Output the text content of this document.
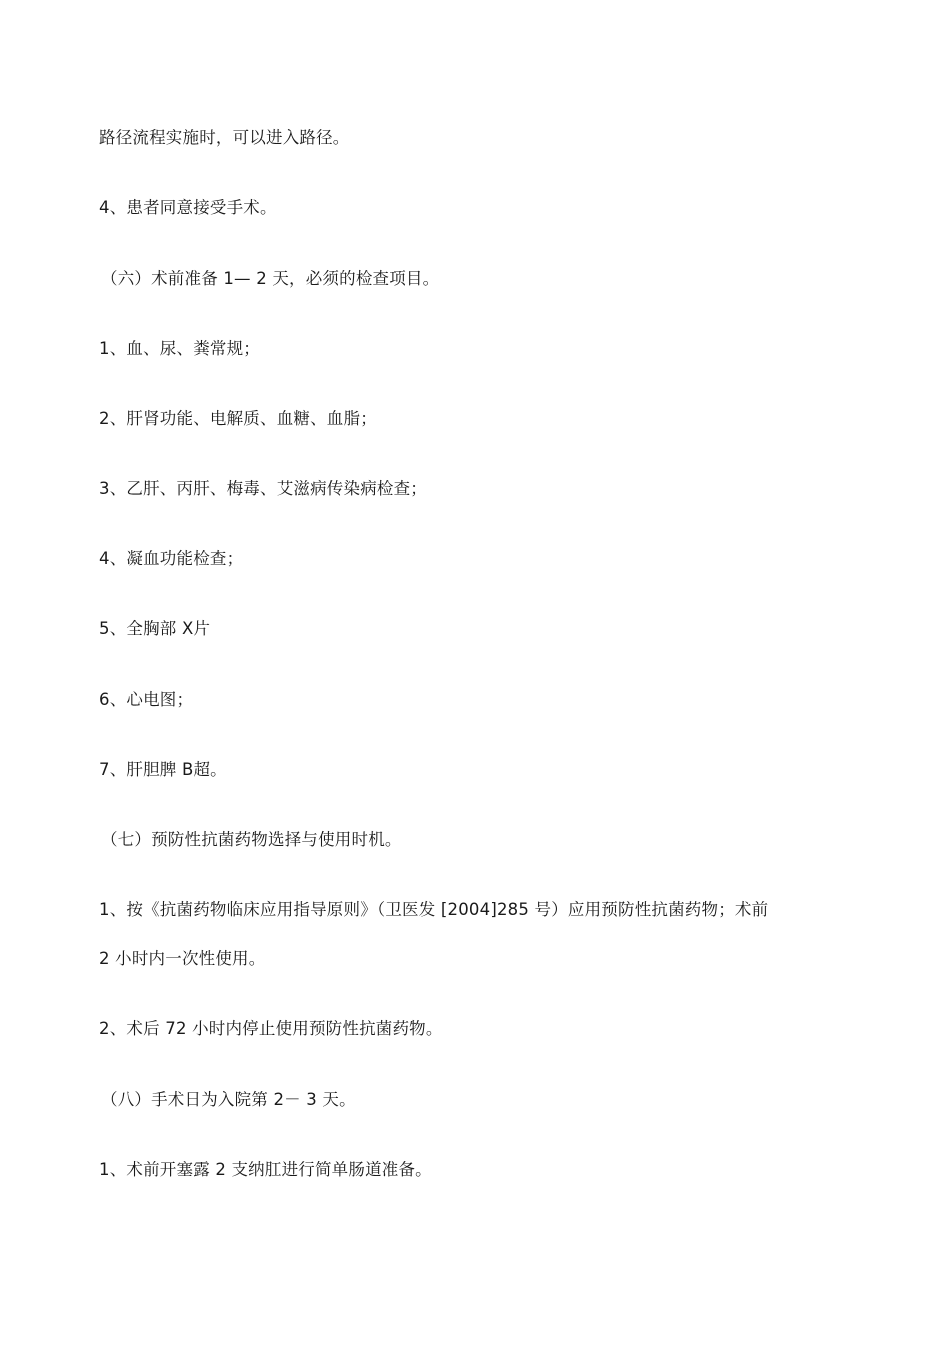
路径流程实施时，可以进入路径。
4、患者同意接受手术。
（六）术前准备 1— 2 天，必须的检查项目。
1、血、尿、粪常规；
2、肝肾功能、电解质、血糖、血脂；
3、乙肝、丙肝、梅毒、艾滋病传染病检查；
4、凝血功能检查；
5、全胸部 X片
6、心电图；
7、肝胆脾 B超。
（七）预防性抗菌药物选择与使用时机。
1、按《抗菌药物临床应用指导原则》（卫医发 [2004]285 号）应用预防性抗菌药物；术前
2 小时内一次性使用。
2、术后 72 小时内停止使用预防性抗菌药物。
（八）手术日为入院第 2－ 3 天。
1、术前开塞露 2 支纳肛进行简单肠道准备。
